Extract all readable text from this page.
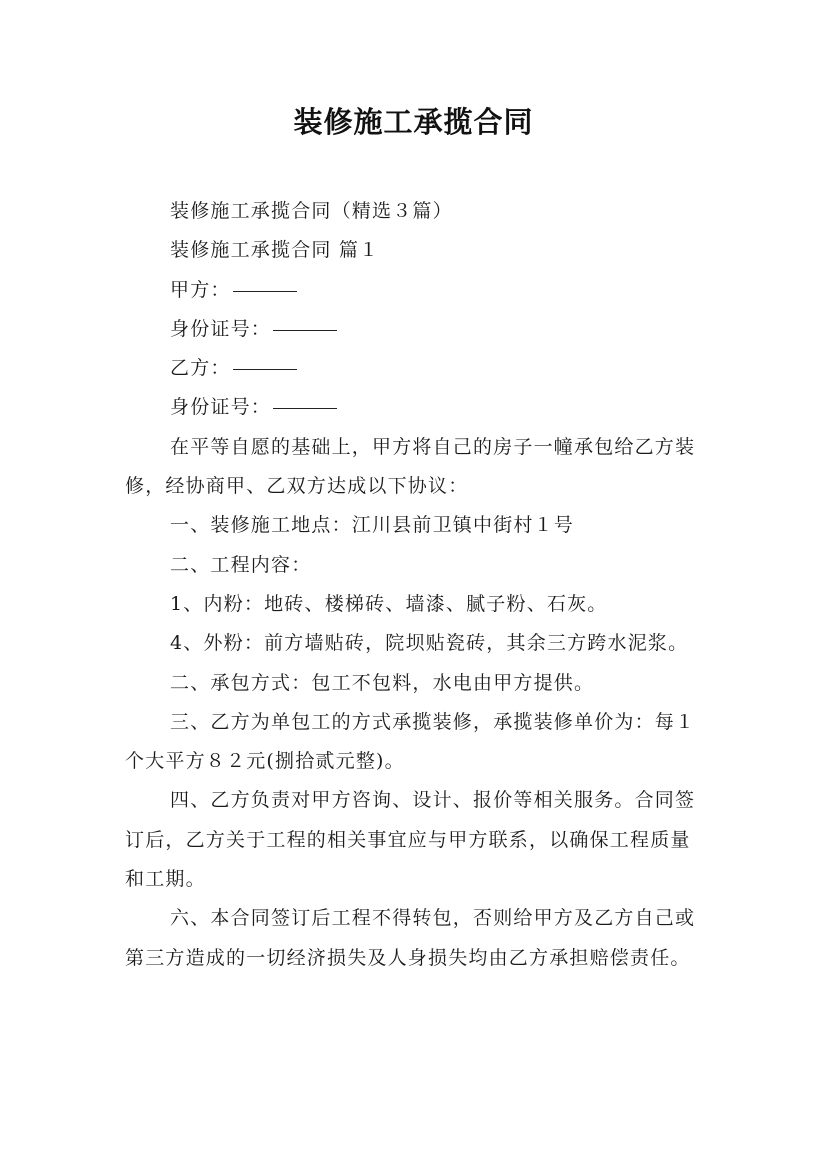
装修施工承揽合同

装修施工承揽合同（精选３篇）

装修施工承揽合同 篇１

甲方：

身份证号：

乙方：

身份证号：

在平等自愿的基础上，甲方将自己的房子一幢承包给乙方装修，经协商甲、乙双方达成以下协议：

一、装修施工地点：江川县前卫镇中街村１号

二、工程内容：

1、内粉：地砖、楼梯砖、墙漆、腻子粉、石灰。

4、外粉：前方墙贴砖，院坝贴瓷砖，其余三方跨水泥浆。

二、承包方式：包工不包料，水电由甲方提供。

三、乙方为单包工的方式承揽装修，承揽装修单价为：每１个大平方８２元(捌拾贰元整)。

四、乙方负责对甲方咨询、设计、报价等相关服务。合同签订后，乙方关于工程的相关事宜应与甲方联系，以确保工程质量和工期。

六、本合同签订后工程不得转包，否则给甲方及乙方自己或第三方造成的一切经济损失及人身损失均由乙方承担赔偿责任。
